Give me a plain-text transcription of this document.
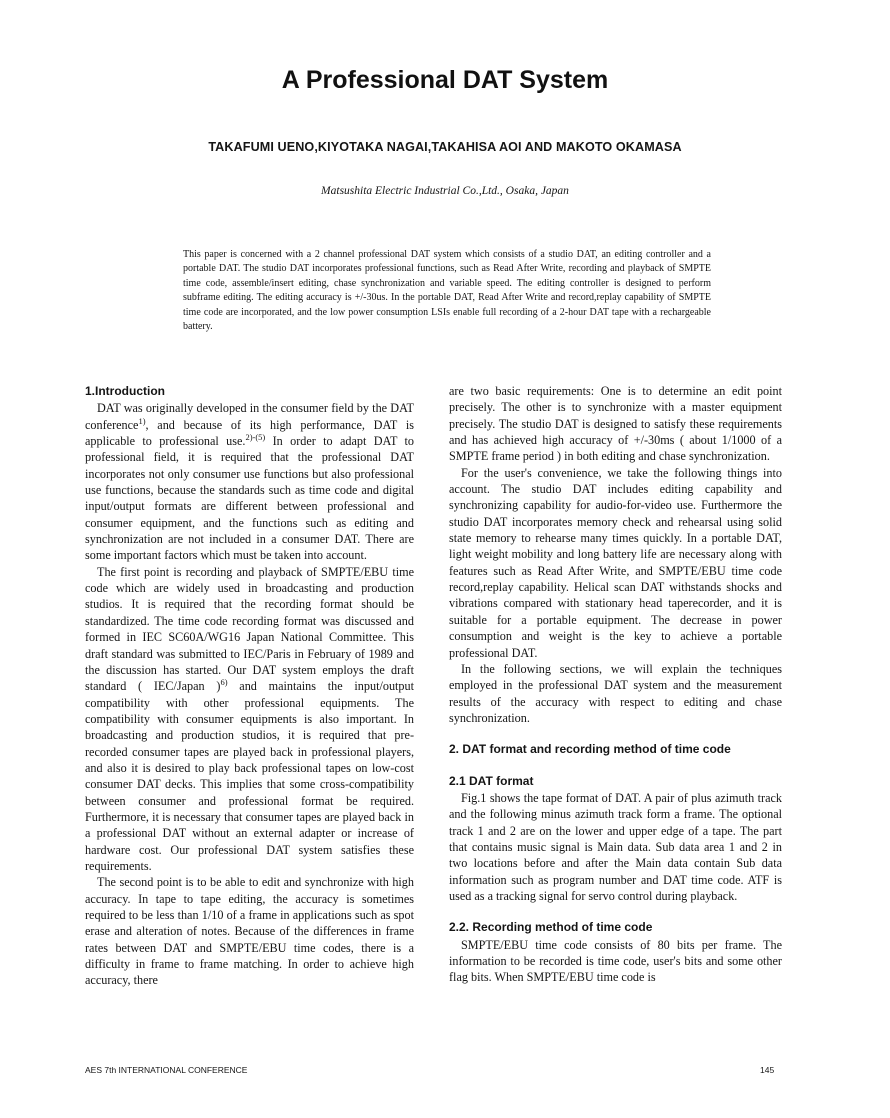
A Professional DAT System
TAKAFUMI UENO,KIYOTAKA NAGAI,TAKAHISA AOI AND MAKOTO OKAMASA
Matsushita Electric Industrial Co.,Ltd., Osaka, Japan
This paper is concerned with a 2 channel professional DAT system which consists of a studio DAT, an editing controller and a portable DAT. The studio DAT incorporates professional functions, such as Read After Write, recording and playback of SMPTE time code, assemble/insert editing, chase synchronization and variable speed. The editing controller is designed to perform subframe editing. The editing accuracy is +/-30us. In the portable DAT, Read After Write and record,replay capability of SMPTE time code are incorporated, and the low power consumption LSIs enable full recording of a 2-hour DAT tape with a rechargeable battery.
1.Introduction

DAT was originally developed in the consumer field by the DAT conference$^{1)}$, and because of its high performance, DAT is applicable to professional use.$^{2)-(5)}$ In order to adapt DAT to professional field, it is required that the professional DAT incorporates not only consumer use functions but also professional use functions, because the standards such as time code and digital input/output formats are different between professional and consumer equipment, and the functions such as editing and synchronization are not included in a consumer DAT. There are some important factors which must be taken into account.

The first point is recording and playback of SMPTE/EBU time code which are widely used in broadcasting and production studios. It is required that the recording format should be standardized. The time code recording format was discussed and formed in IEC SC60A/WG16 Japan National Committee. This draft standard was submitted to IEC/Paris in February of 1989 and the discussion has started. Our DAT system employs the draft standard ( IEC/Japan )$^{6)}$ and maintains the input/output compatibility with other professional equipments. The compatibility with consumer equipments is also important. In broadcasting and production studios, it is required that pre-recorded consumer tapes are played back in professional players, and also it is desired to play back professional tapes on low-cost consumer DAT decks. This implies that some cross-compatibility between consumer and professional format be required. Furthermore, it is necessary that consumer tapes are played back in a professional DAT without an external adapter or increase of hardware cost. Our professional DAT system satisfies these requirements.

The second point is to be able to edit and synchronize with high accuracy. In tape to tape editing, the accuracy is sometimes required to be less than 1/10 of a frame in applications such as spot erase and alteration of notes. Because of the differences in frame rates between DAT and SMPTE/EBU time codes, there is a difficulty in frame to frame matching. In order to achieve high accuracy, there

are two basic requirements: One is to determine an edit point precisely. The other is to synchronize with a master equipment precisely. The studio DAT is designed to satisfy these requirements and has achieved high accuracy of +/-30ms ( about 1/1000 of a SMPTE frame period ) in both editing and chase synchronization.

For the user's convenience, we take the following things into account. The studio DAT includes editing capability and synchronizing capability for audio-for-video use. Furthermore the studio DAT incorporates memory check and rehearsal using solid state memory to rehearse many times quickly. In a portable DAT, light weight mobility and long battery life are necessary along with features such as Read After Write, and SMPTE/EBU time code record,replay capability. Helical scan DAT withstands shocks and vibrations compared with stationary head taperecorder, and it is suitable for a portable equipment. The decrease in power consumption and weight is the key to achieve a portable professional DAT.

In the following sections, we will explain the techniques employed in the professional DAT system and the measurement results of the accuracy with respect to editing and chase synchronization.

2. DAT format and recording method of time code
2.1 DAT format

Fig.1 shows the tape format of DAT. A pair of plus azimuth track and the following minus azimuth track form a frame. The optional track 1 and 2 are on the lower and upper edge of a tape. The part that contains music signal is Main data. Sub data area 1 and 2 in two locations before and after the Main data contain Sub data information such as program number and DAT time code. ATF is used as a tracking signal for servo control during playback.

2.2. Recording method of time code

SMPTE/EBU time code consists of 80 bits per frame. The information to be recorded is time code, user's bits and some other flag bits. When SMPTE/EBU time code is

AES 7th INTERNATIONAL CONFERENCE	145
